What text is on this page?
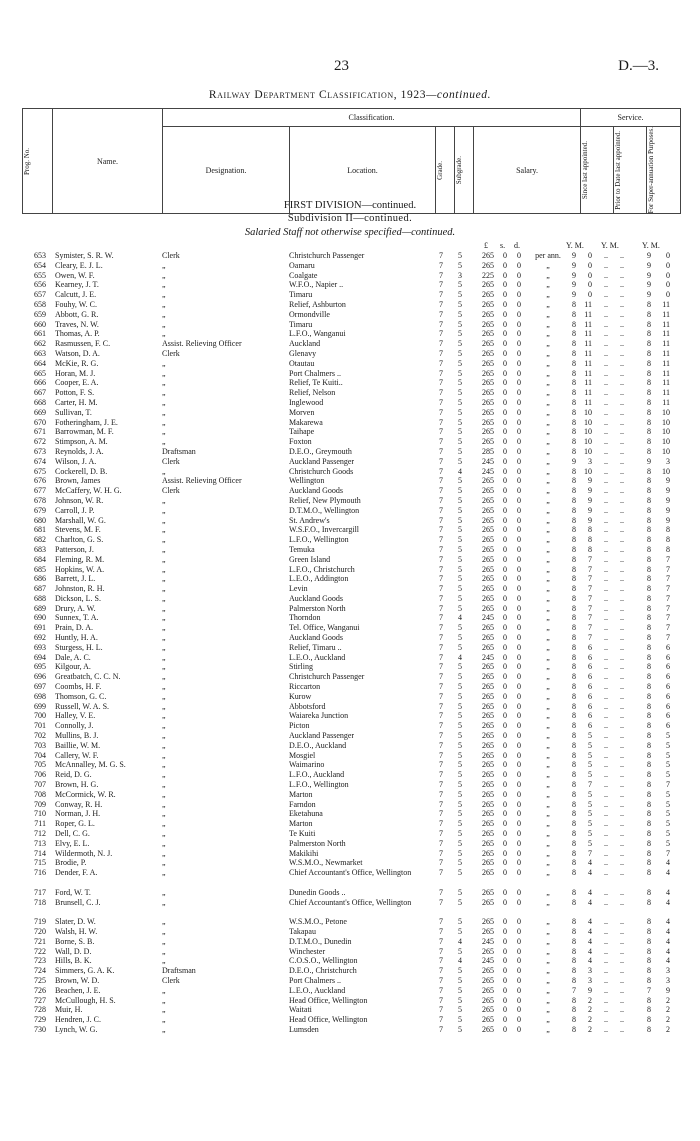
23	D.—3.
Railway Department Classification, 1923—continued.
Prog. No.	Name.	Classification.					Service.		
		Designation.	Location.	Grade.	Subgrade.	Salary.	Since last appointed.	Prior to Date last appointed.	For Super-annuation Purposes.
FIRST DIVISION—continued.
Subdivision II—continued.
Salaried Staff not otherwise specified—continued.
£ s. d.	Y. M. Y. M.	Y. M.
653 Symister, S. R. W.	Clerk	Christchurch Passenger	7	5	265	0	0	per ann.	9	0	..	..	9	0
654 Cleary, E. J. L.	„	Oamaru	7	5	265	0	0	„	9	0	..	..	9	0
655 Owen, W. F.	„	Coalgate	7	3	225	0	0	„	9	0	..	..	9	0
656 Kearney, J. T.	„	W.F.O., Napier ..	7	5	265	0	0	„	9	0	..	..	9	0
657 Calcutt, J. E.	„	Timaru	7	5	265	0	0	„	9	0	..	..	9	0
658 Fouhy, W. C.	„	Relief, Ashburton	7	5	265	0	0	„	8	11	..	..	8	11
659 Abbott, G. R.	„	Ormondville	7	5	265	0	0	„	8	11	..	..	8	11
660 Traves, N. W.	„	Timaru	7	5	265	0	0	„	8	11	..	..	8	11
661 Thomas, A. P.	„	L.F.O., Wanganui	7	5	265	0	0	„	8	11	..	..	8	11
662 Rasmussen, F. C.	Assist. Relieving Officer	Auckland	7	5	265	0	0	„	8	11	..	..	8	11
663 Watson, D. A.	Clerk	Glenavy	7	5	265	0	0	„	8	11	..	..	8	11
664 McKie, R. G.	„	Otautau	7	5	265	0	0	„	8	11	..	..	8	11
665 Horan, M. J.	„	Port Chalmers ..	7	5	265	0	0	„	8	11	..	..	8	11
666 Cooper, E. A.	„	Relief, Te Kuiti..	7	5	265	0	0	„	8	11	..	..	8	11
667 Potton, F. S.	„	Relief, Nelson	7	5	265	0	0	„	8	11	..	..	8	11
668 Carter, H. M.	„	Inglewood	7	5	265	0	0	„	8	11	..	..	8	11
669 Sullivan, T.	„	Morven	7	5	265	0	0	„	8	10	..	..	8	10
670 Fotheringham, J. E.	„	Makarewa	7	5	265	0	0	„	8	10	..	..	8	10
671 Barrowman, M. F.	„	Taihape	7	5	265	0	0	„	8	10	..	..	8	10
672 Stimpson, A. M.	„	Foxton	7	5	265	0	0	„	8	10	..	..	8	10
673 Reynolds, J. A.	Draftsman	D.E.O., Greymouth	7	5	285	0	0	„	8	10	..	..	8	10
674 Wilson, J. A.	Clerk	Auckland Passenger	7	5	245	0	0	„	9	3	..	..	9	3
675 Cockerell, D. B.	„	Christchurch Goods	7	4	245	0	0	„	8	10	..	..	8	10
676 Brown, James	Assist. Relieving Officer	Wellington	7	5	265	0	0	„	8	9	..	..	8	9
677 McCaffery, W. H. G.	Clerk	Auckland Goods	7	5	265	0	0	„	8	9	..	..	8	9
678 Johnson, W. R.	„	Relief, New Plymouth	7	5	265	0	0	„	8	9	..	..	8	9
679 Carroll, J. P.	„	D.T.M.O., Wellington	7	5	265	0	0	„	8	9	..	..	8	9
680 Marshall, W. G.	„	St. Andrew's	7	5	265	0	0	„	8	9	..	..	8	9
681 Stevens, M. F.	„	W.S.F.O., Invercargill	7	5	265	0	0	„	8	8	..	..	8	8
682 Charlton, G. S.	„	L.F.O., Wellington	7	5	265	0	0	„	8	8	..	..	8	8
683 Patterson, J.	„	Temuka	7	5	265	0	0	„	8	8	..	..	8	8
684 Fleming, R. M.	„	Green Island	7	5	265	0	0	„	8	7	..	..	8	7
685 Hopkins, W. A.	„	L.F.O., Christchurch	7	5	265	0	0	„	8	7	..	..	8	7
686 Barrett, J. L.	„	L.E.O., Addington	7	5	265	0	0	„	8	7	..	..	8	7
687 Johnston, R. H.	„	Levin	7	5	265	0	0	„	8	7	..	..	8	7
688 Dickson, L. S.	„	Auckland Goods	7	5	265	0	0	„	8	7	..	..	8	7
689 Drury, A. W.	„	Palmerston North	7	5	265	0	0	„	8	7	..	..	8	7
690 Sunnex, T. A.	„	Thorndon	7	4	245	0	0	„	8	7	..	..	8	7
691 Prain, D. A.	„	Tel. Office, Wanganui	7	5	265	0	0	„	8	7	..	..	8	7
692 Huntly, H. A.	„	Auckland Goods	7	5	265	0	0	„	8	7	..	..	8	7
693 Sturgess, H. L.	„	Relief, Timaru ..	7	5	265	0	0	„	8	6	..	..	8	6
694 Dale, A. C.	„	L.E.O., Auckland	7	4	245	0	0	„	8	6	..	..	8	6
695 Kilgour, A.	„	Stirling	7	5	265	0	0	„	8	6	..	..	8	6
696 Greatbatch, C. C. N.	„	Christchurch Passenger	7	5	265	0	0	„	8	6	..	..	8	6
697 Coombs, H. F.	„	Riccarton	7	5	265	0	0	„	8	6	..	..	8	6
698 Thomson, G. C.	„	Kurow	7	5	265	0	0	„	8	6	..	..	8	6
699 Russell, W. A. S.	„	Abbotsford	7	5	265	0	0	„	8	6	..	..	8	6
700 Halley, V. E.	„	Waiareka Junction	7	5	265	0	0	„	8	6	..	..	8	6
701 Connolly, J.	„	Picton	7	5	265	0	0	„	8	6	..	..	8	6
702 Mullins, B. J.	„	Auckland Passenger	7	5	265	0	0	„	8	5	..	..	8	5
703 Baillie, W. M.	„	D.E.O., Auckland	7	5	265	0	0	„	8	5	..	..	8	5
704 Callery, W. F.	„	Mosgiel	7	5	265	0	0	„	8	5	..	..	8	5
705 McAnnalley, M. G. S.	„	Waimarino	7	5	265	0	0	„	8	5	..	..	8	5
706 Reid, D. G.	„	L.F.O., Auckland	7	5	265	0	0	„	8	5	..	..	8	5
707 Brown, H. G.	„	L.F.O., Wellington	7	5	265	0	0	„	8	7	..	..	8	7
708 McCormick, W. R.	„	Marton	7	5	265	0	0	„	8	5	..	..	8	5
709 Conway, R. H.	„	Farndon	7	5	265	0	0	„	8	5	..	..	8	5
710 Norman, J. H.	„	Eketahuna	7	5	265	0	0	„	8	5	..	..	8	5
711 Roper, G. L.	„	Marton	7	5	265	0	0	„	8	5	..	..	8	5
712 Dell, C. G.	„	Te Kuiti	7	5	265	0	0	„	8	5	..	..	8	5
713 Elvy, E. L.	„	Palmerston North	7	5	265	0	0	„	8	5	..	..	8	5
714 Wildermoth, N. J.	„	Makikihi	7	5	265	0	0	„	8	7	..	..	8	7
715 Brodie, P.	„	W.S.M.O., Newmarket	7	5	265	0	0	„	8	4	..	..	8	4
716 Dender, F. A.	„	Chief Accountant's Office, Wellington	7	5	265	0	0	„	8	4	..	..	8	4
717 Ford, W. T.	„	Dunedin Goods ..	7	5	265	0	0	„	8	4	..	..	8	4
718 Brunsell, C. J.	„	Chief Accountant's Office, Wellington	7	5	265	0	0	„	8	4	..	..	8	4
719 Slater, D. W.	„	W.S.M.O., Petone	7	5	265	0	0	„	8	4	..	..	8	4
720 Walsh, H. W.	„	Takapau	7	5	265	0	0	„	8	4	..	..	8	4
721 Borne, S. B.	„	D.T.M.O., Dunedin	7	4	245	0	0	„	8	4	..	..	8	4
722 Wall, D. D.	„	Winchester	7	5	265	0	0	„	8	4	..	..	8	4
723 Hills, B. K.	„	C.O.S.O., Wellington	7	4	245	0	0	„	8	4	..	..	8	4
724 Simmers, G. A. K.	Draftsman	D.E.O., Christchurch	7	5	265	0	0	„	8	3	..	..	8	3
725 Brown, W. D.	Clerk	Port Chalmers ..	7	5	265	0	0	„	8	3	..	..	8	3
726 Beachen, J. E.	„	L.E.O., Auckland	7	5	265	0	0	„	7	9	..	..	7	9
727 McCullough, H. S.	„	Head Office, Wellington	7	5	265	0	0	„	8	2	..	..	8	2
728 Muir, H.	„	Waitati	7	5	265	0	0	„	8	2	..	..	8	2
729 Hendren, J. C.	„	Head Office, Wellington	7	5	265	0	0	„	8	2	..	..	8	2
730 Lynch, W. G.	„	Lumsden	7	5	265	0	0	„	8	2	..	..	8	2
